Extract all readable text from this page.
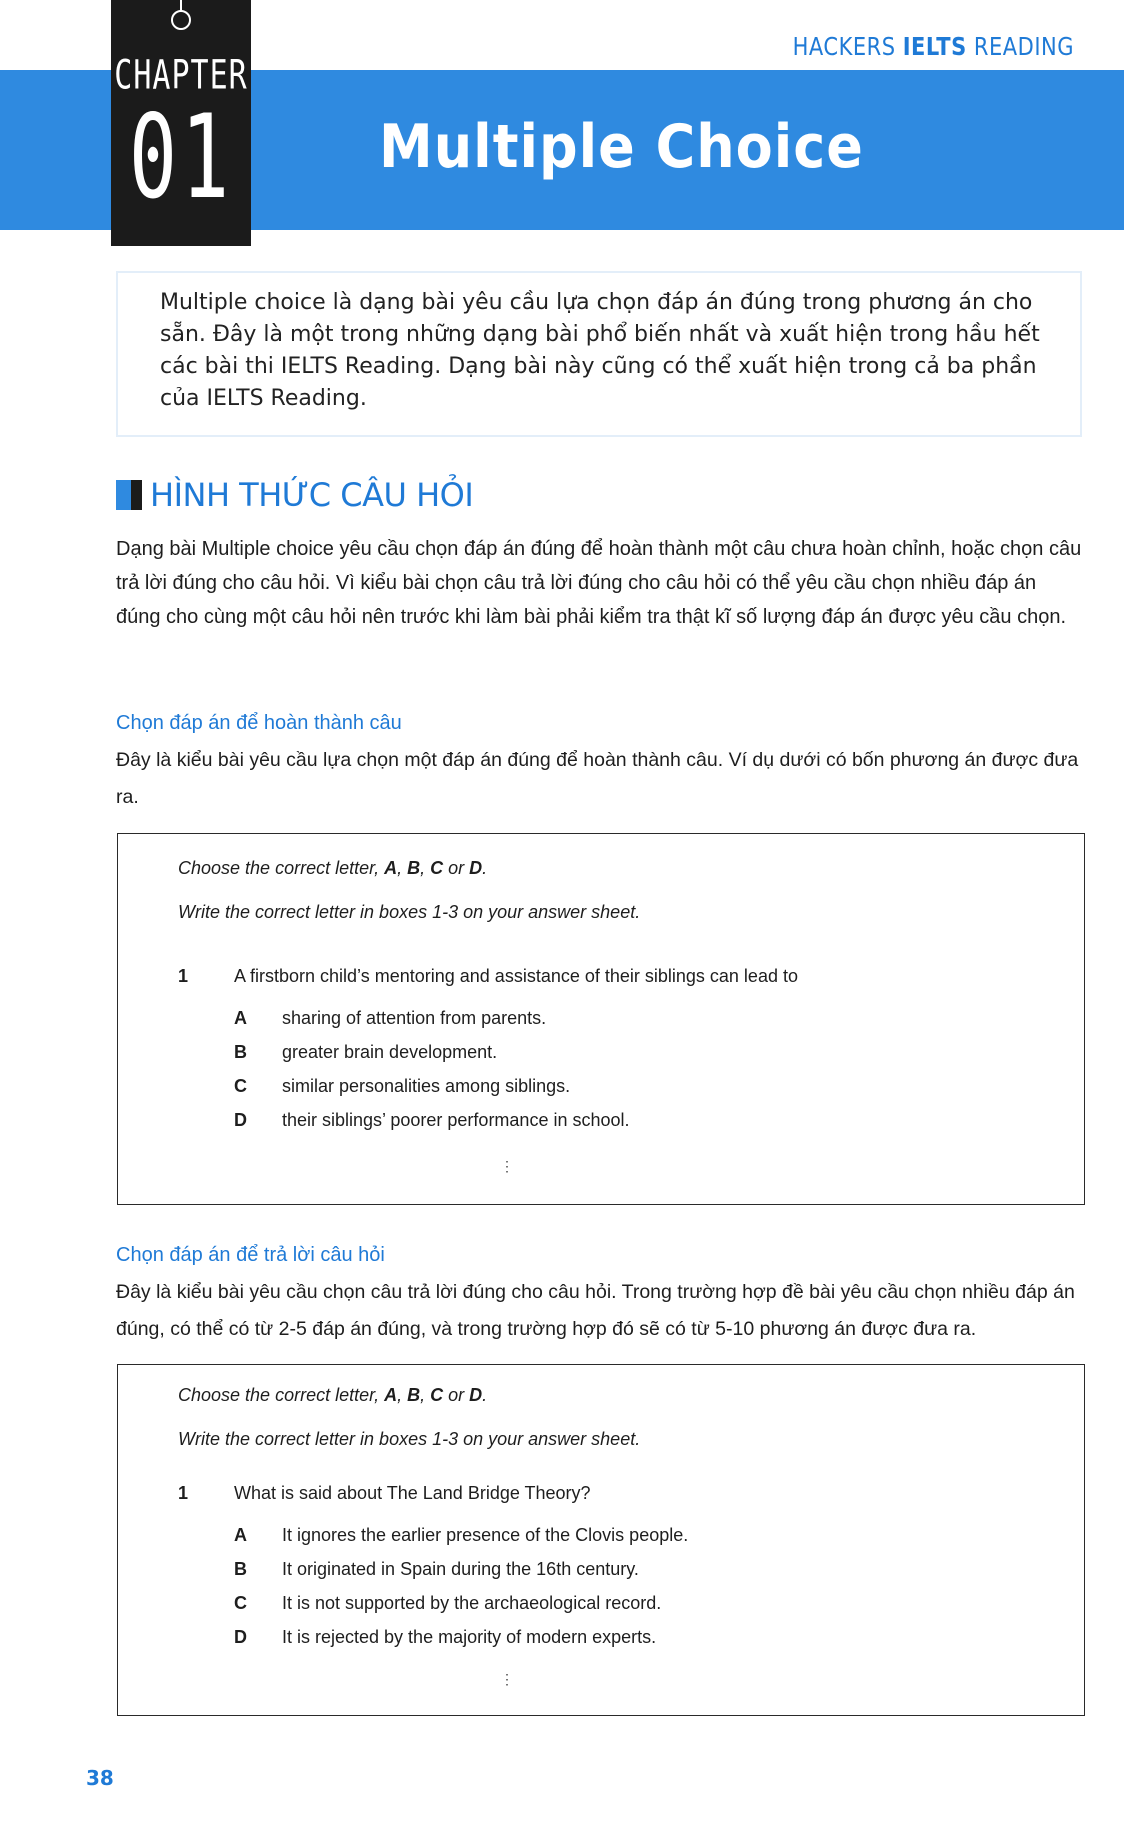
CHAPTER
01	Multiple Choice
HACKERS IELTS READING

Multiple choice là dạng bài yêu cầu lựa chọn đáp án đúng trong phương án cho sẵn. Đây là một trong những dạng bài phổ biến nhất và xuất hiện trong hầu hết các bài thi IELTS Reading. Dạng bài này cũng có thể xuất hiện trong cả ba phần của IELTS Reading.

HÌNH THỨC CÂU HỎI

Dạng bài Multiple choice yêu cầu chọn đáp án đúng để hoàn thành một câu chưa hoàn chỉnh, hoặc chọn câu trả lời đúng cho câu hỏi. Vì kiểu bài chọn câu trả lời đúng cho câu hỏi có thể yêu cầu chọn nhiều đáp án đúng cho cùng một câu hỏi nên trước khi làm bài phải kiểm tra thật kĩ số lượng đáp án được yêu cầu chọn.

Chọn đáp án để hoàn thành câu

Đây là kiểu bài yêu cầu lựa chọn một đáp án đúng để hoàn thành câu. Ví dụ dưới có bốn phương án được đưa ra.

Choose the correct letter, A, B, C or D.
Write the correct letter in boxes 1-3 on your answer sheet.
1	A firstborn child’s mentoring and assistance of their siblings can lead to
A sharing of attention from parents.
B greater brain development.
C similar personalities among siblings.
D their siblings’ poorer performance in school.
⋮
Chọn đáp án để trả lời câu hỏi

Đây là kiểu bài yêu cầu chọn câu trả lời đúng cho câu hỏi. Trong trường hợp đề bài yêu cầu chọn nhiều đáp án đúng, có thể có từ 2-5 đáp án đúng, và trong trường hợp đó sẽ có từ 5-10 phương án được đưa ra.

Choose the correct letter, A, B, C or D.
Write the correct letter in boxes 1-3 on your answer sheet.
1	What is said about The Land Bridge Theory?
A It ignores the earlier presence of the Clovis people.
B It originated in Spain during the 16th century.
C It is not supported by the archaeological record.
D It is rejected by the majority of modern experts.
⋮
38
